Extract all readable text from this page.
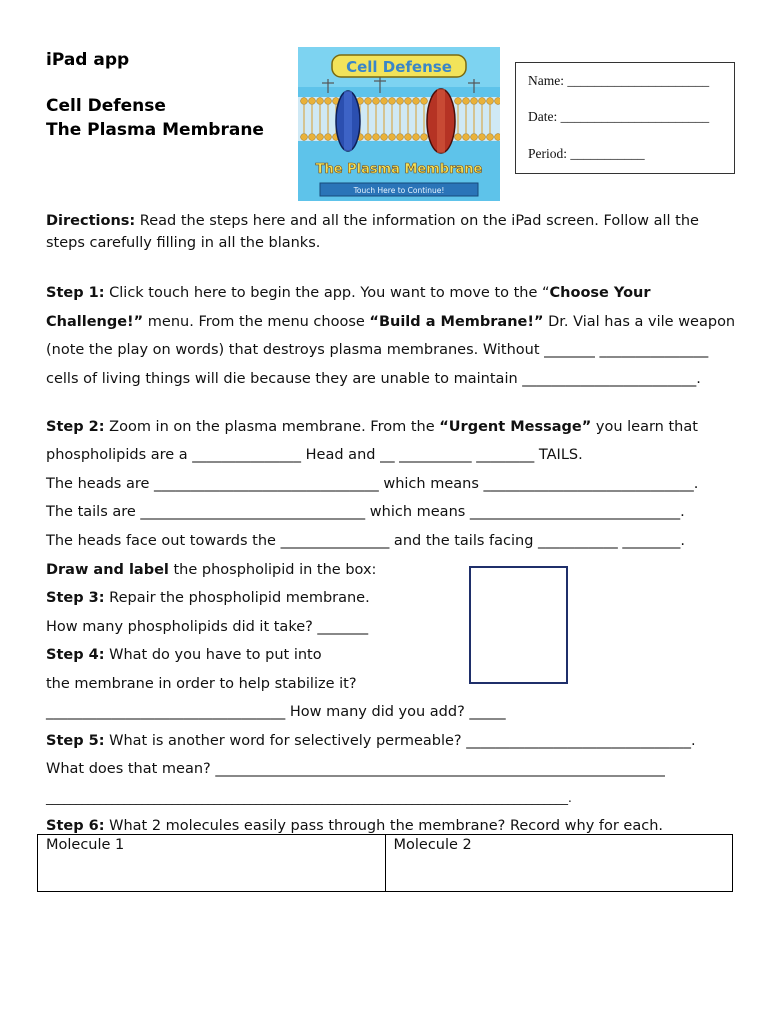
iPad app
Cell Defense
The Plasma Membrane
Cell Defense
The Plasma Membrane
Touch Here to Continue!
Name: _____________________
Date: ______________________
Period: ___________
Directions: Read the steps here and all the information on the iPad screen. Follow all the
steps carefully filling in all the blanks.
Step 1: Click touch here to begin the app. You want to move to the “Choose Your
Challenge!” menu. From the menu choose “Build a Membrane!” Dr. Vial has a vile weapon
(note the play on words) that destroys plasma membranes. Without _______ _______________
cells of living things will die because they are unable to maintain ________________________.
Step 2: Zoom in on the plasma membrane. From the “Urgent Message” you learn that
phospholipids are a _______________ Head and __ __________ ________ TAILS.
The heads are _______________________________ which means _____________________________.
The tails are _______________________________ which means _____________________________.
The heads face out towards the _______________ and the tails facing ___________ ________.
Draw and label the phospholipid in the box:
Step 3: Repair the phospholipid membrane.
How many phospholipids did it take? _______
Step 4: What do you have to put into
the membrane in order to help stabilize it?
_________________________________ How many did you add? _____
Step 5: What is another word for selectively permeable? _______________________________.
What does that mean? ______________________________________________________________
_______________________________________________________________________________________.
Step 6: What 2 molecules easily pass through the membrane? Record why for each.
Molecule 1	Molecule 2
